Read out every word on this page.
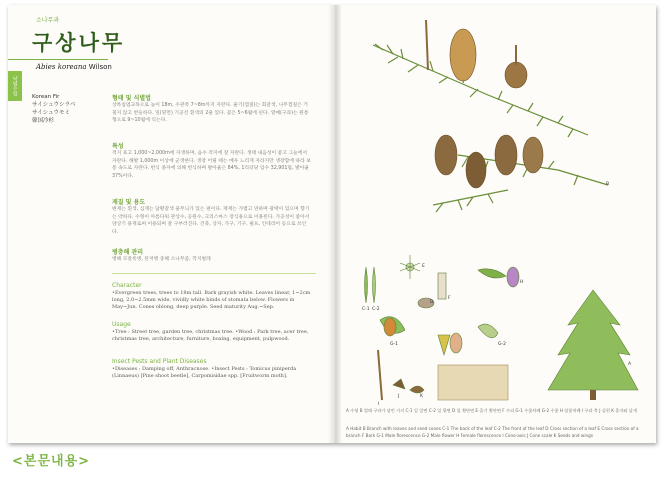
소나무과
구상나무
Abies koreana Wilson
낙엽수림
Korean Fir
サイシュウシラベ
サイシュウモミ
韓国冷杉
형태 및 식별법
상록침엽교목으로 높이 18m, 수관폭 7~8m까지 자란다. 줄기(껍질)는 회갈색, 나무껍질은 거칠지 않고 반들하다. 잎(밑면) 기공선 흰색의 2줄 있다. 꽃은 5~6월에 핀다. 열매(구과)는 원통형으로 9~10월에 익는다.
특성
적지 표고 1,000~2,000m에 자생하며, 음수 적지에 잘 자란다. 생태 내음성이 좋고 그늘에서 자란다. 해발 1,000m 이상에 군생한다. 생장 어릴 때는 매우 느리게 자라지만 생장함에 따라 보통 속도로 자란다. 번식 종자에 의해 번식하며 발아율은 84%, 1리터당 입수 32,901립, 발아율 37%이다.
재질 및 용도
변재는 흰색, 심재는 담황갈색 줄무늬가 있는 편이다. 재재는 가볍고 연하며 광택이 있으며 향기는 약하다. 수형이 아름다워 관상수, 공원수, 크리스마스 장식용으로 이용된다. 가공성이 좋아서 양상기 용재로써 이용되며 잘 구부러진다. 건축, 상자, 가구, 기구, 펄프, 인테리어 등으로 쓰인다.
병충해 관리
병해 모잘록병, 탄저병 충해 소나무좀, 깍지벌레
Character
•Evergreen trees, trees to 18m tall. Bark grayish white. Leaves linear, 1~2cm long, 2.0~2.5mm wide, vividly white binds of stomata below. Flowers in May~Jun. Cones oblong, deep purple. Seed maturity Aug.~Sep.
Usage
•Tree : Street tree, garden tree, christmas tree. •Wood : Park tree, acer tree, christmas tree, architecture, furniture, boxing, equipment, pulpwood.
Insect Pests and Plant Diseases
•Diseases : Damping off, Anthracnose. •Insect Pests : Tomicus piniperda (Linnaeus) [Pine shoot beetle], Carpomisidae spp. [Fruitworm moth].
B
A
C-1 C-2
D
E
F
G-1	G-2
H
I
J	K
A 수형 B 열매 구과가 달린 가지 C-1 잎 앞면 C-2 잎 뒷면 D 잎 횡단면 E 줄기 횡단면 F 수피 G-1 수꽃차례 G-2 수꽃 H 암꽃차례 I 구과 축 J 실편 K 종자와 날개
A Habit B Branch with leaves and seed cones C-1 The back of the leaf C-2 The front of the leaf D Cross section of a leaf E Cross section of a branch F Bark G-1 Male florescence G-2 Male flower H Female florescence I Cone-axis J Cone scale K Seeds and wings
<본문내용>
